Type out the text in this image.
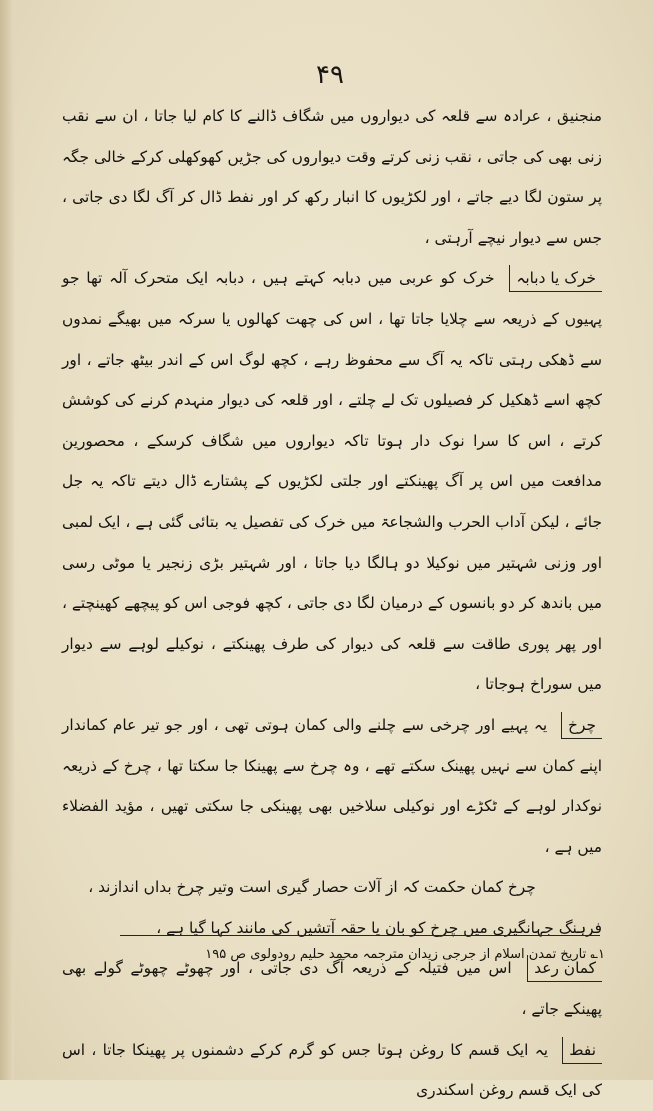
۴۹

منجنیق ، عرادہ سے قلعہ کی دیواروں میں شگاف ڈالنے کا کام لیا جاتا ، ان سے نقب زنی بھی کی جاتی ، نقب زنی کرتے وقت دیواروں کی جڑیں کھوکھلی کرکے خالی جگہ پر ستون لگا دیے جاتے ، اور لکڑیوں کا انبار رکھ کر اور نفط ڈال کر آگ لگا دی جاتی ، جس سے دیوار نیچے آرہتی ،

خرک یا دبابہ خرک کو عربی میں دبابہ کہتے ہیں ، دبابہ ایک متحرک آلہ تھا جو پہیوں کے ذریعہ سے چلایا جاتا تھا ، اس کی چھت کھالوں یا سرکہ میں بھیگے نمدوں سے ڈھکی رہتی تاکہ یہ آگ سے محفوظ رہے ، کچھ لوگ اس کے اندر بیٹھ جاتے ، اور کچھ اسے ڈھکیل کر فصیلوں تک لے چلتے ، اور قلعہ کی دیوار منہدم کرنے کی کوشش کرتے ، اس کا سرا نوک دار ہوتا تاکہ دیواروں میں شگاف کرسکے ، محصورین مدافعت میں اس پر آگ پھینکتے اور جلتی لکڑیوں کے پشتارے ڈال دیتے تاکہ یہ جل جائے ، لیکن آداب الحرب والشجاعۃ میں خرک کی تفصیل یہ بتائی گئی ہے ، ایک لمبی اور وزنی شہتیر میں نوکیلا دو ہالگا دیا جاتا ، اور شہتیر بڑی زنجیر یا موٹی رسی میں باندھ کر دو بانسوں کے درمیان لگا دی جاتی ، کچھ فوجی اس کو پیچھے کھینچتے ، اور پھر پوری طاقت سے قلعہ کی دیوار کی طرف پھینکتے ، نوکیلے لوہے سے دیوار میں سوراخ ہوجاتا ،

چرخ یہ پہیے اور چرخی سے چلنے والی کمان ہوتی تھی ، اور جو تیر عام کماندار اپنے کمان سے نہیں پھینک سکتے تھے ، وہ چرخ سے پھینکا جا سکتا تھا ، چرخ کے ذریعہ نوکدار لوہے کے ٹکڑے اور نوکیلی سلاخیں بھی پھینکی جا سکتی تھیں ، مؤید الفضلاء میں ہے ،

چرخ کمان حکمت کہ از آلات حصار گیری است وتیر چرخ بداں اندازند ،

فرہنگ جہانگیری میں چرخ کو بان یا حقہ آتشیں کی مانند کہا گیا ہے ،

کمان رعد اس میں فتیلہ کے ذریعہ آگ دی جاتی ، اور چھوٹے چھوٹے گولے بھی پھینکے جاتے ،

نفط یہ ایک قسم کا روغن ہوتا جس کو گرم کرکے دشمنوں پر پھینکا جاتا ، اس کی ایک قسم روغن اسکندری

۱؎ تاریخ تمدن اسلام از جرجی زیدان مترجمہ محمد حلیم رودولوی ص ۱۹۵
